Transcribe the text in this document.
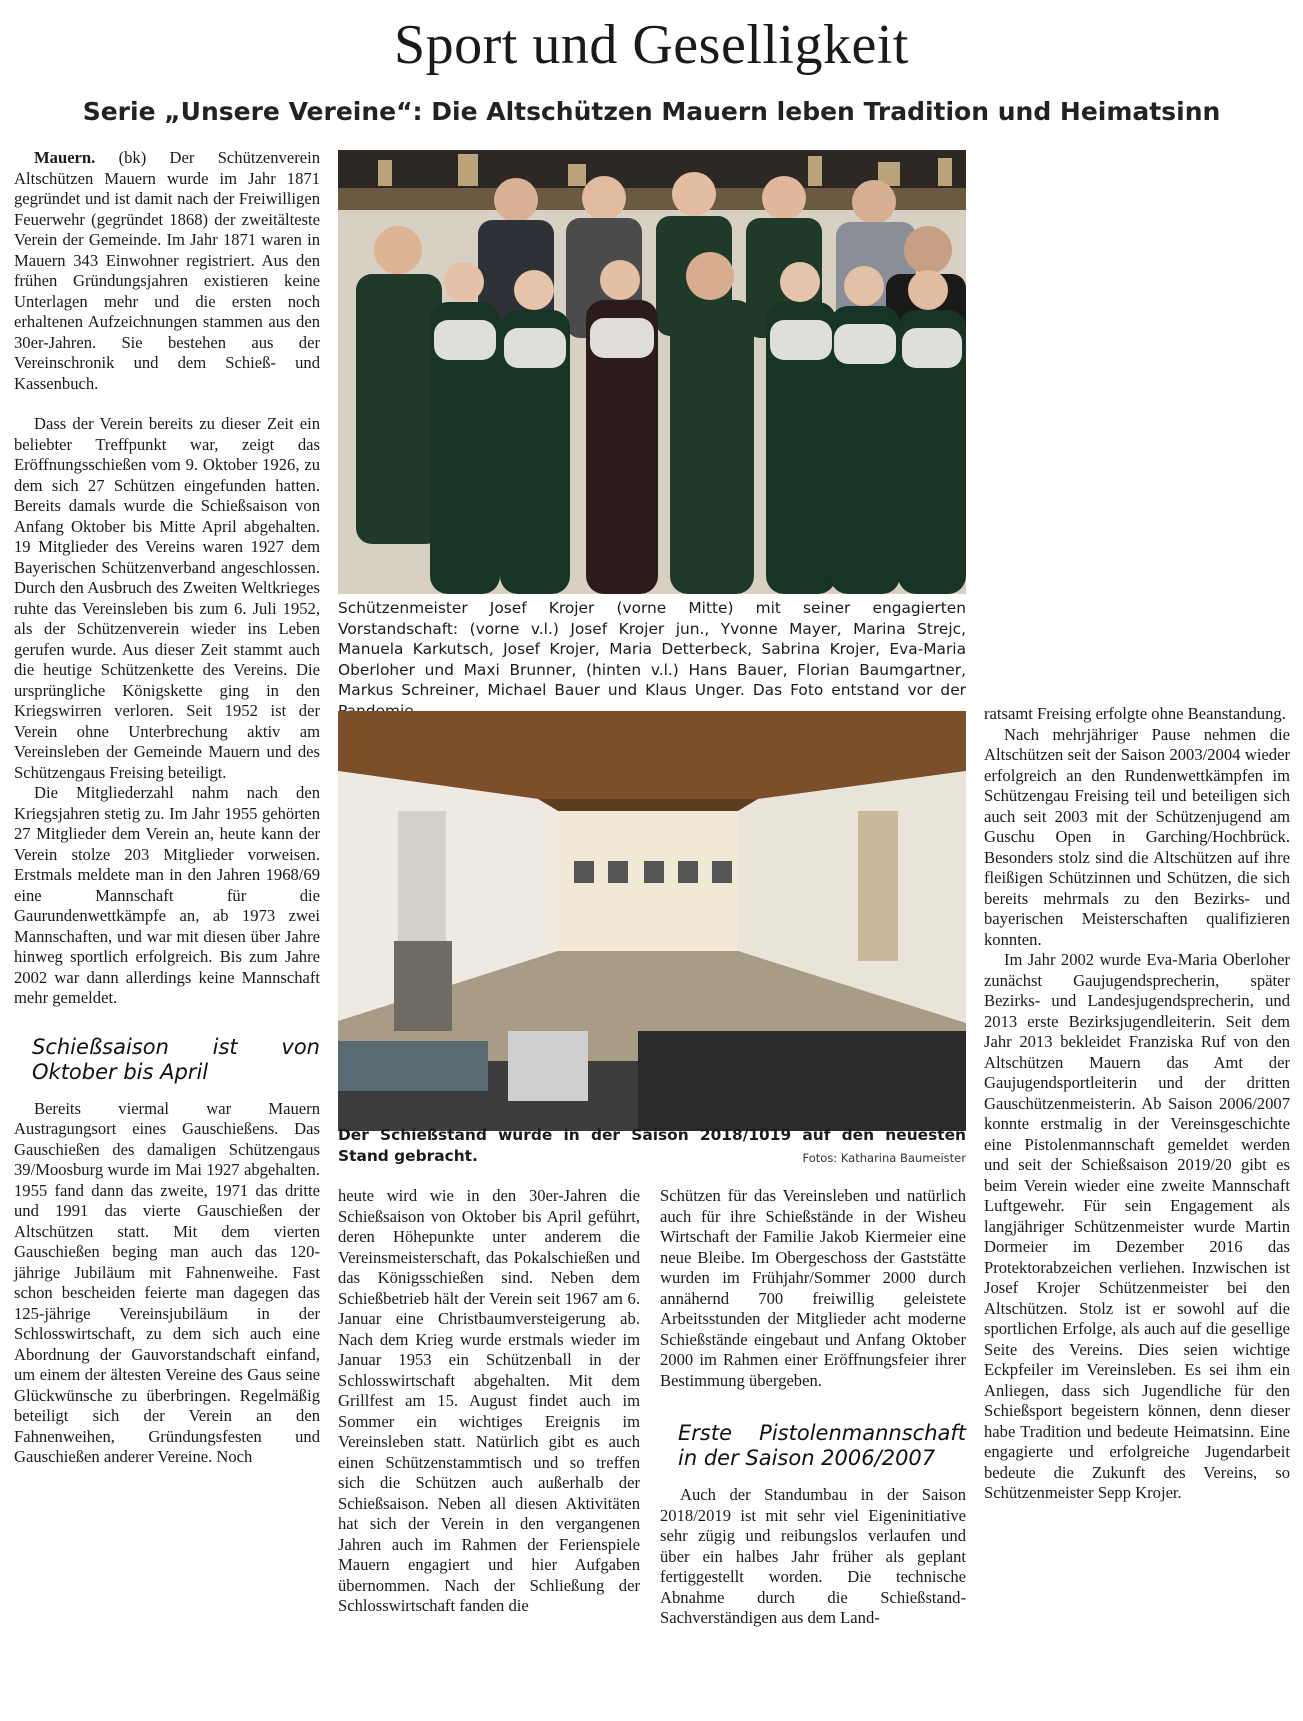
Sport und Geselligkeit
Serie „Unsere Vereine“: Die Altschützen Mauern leben Tradition und Heimatsinn

Mauern. (bk) Der Schützenverein Altschützen Mauern wurde im Jahr 1871 gegründet und ist damit nach der Freiwilligen Feuerwehr (gegründet 1868) der zweitälteste Verein der Gemeinde. Im Jahr 1871 waren in Mauern 343 Einwohner registriert. Aus den frühen Gründungsjahren existieren keine Unterlagen mehr und die ersten noch erhaltenen Aufzeichnungen stammen aus den 30er-Jahren. Sie bestehen aus der Vereinschronik und dem Schieß- und Kassenbuch.

Dass der Verein bereits zu dieser Zeit ein beliebter Treffpunkt war, zeigt das Eröffnungsschießen vom 9. Oktober 1926, zu dem sich 27 Schützen eingefunden hatten. Bereits damals wurde die Schießsaison von Anfang Oktober bis Mitte April abgehalten. 19 Mitglieder des Vereins waren 1927 dem Bayerischen Schützenverband angeschlossen. Durch den Ausbruch des Zweiten Weltkrieges ruhte das Vereinsleben bis zum 6. Juli 1952, als der Schützenverein wieder ins Leben gerufen wurde. Aus dieser Zeit stammt auch die heutige Schützenkette des Vereins. Die ursprüngliche Königskette ging in den Kriegswirren verloren. Seit 1952 ist der Verein ohne Unterbrechung aktiv am Vereinsleben der Gemeinde Mauern und des Schützengaus Freising beteiligt.

Die Mitgliederzahl nahm nach den Kriegsjahren stetig zu. Im Jahr 1955 gehörten 27 Mitglieder dem Verein an, heute kann der Verein stolze 203 Mitglieder vorweisen. Erstmals meldete man in den Jahren 1968/69 eine Mannschaft für die Gaurundenwettkämpfe an, ab 1973 zwei Mannschaften, und war mit diesen über Jahre hinweg sportlich erfolgreich. Bis zum Jahre 2002 war dann allerdings keine Mannschaft mehr gemeldet.

Schießsaison ist von Oktober bis April

Bereits viermal war Mauern Austragungsort eines Gauschießens. Das Gauschießen des damaligen Schützengaus 39/Moosburg wurde im Mai 1927 abgehalten. 1955 fand dann das zweite, 1971 das dritte und 1991 das vierte Gauschießen der Altschützen statt. Mit dem vierten Gauschießen beging man auch das 120-jährige Jubiläum mit Fahnenweihe. Fast schon bescheiden feierte man dagegen das 125-jährige Vereinsjubiläum in der Schlosswirtschaft, zu dem sich auch eine Abordnung der Gauvorstandschaft einfand, um einem der ältesten Vereine des Gaus seine Glückwünsche zu überbringen. Regelmäßig beteiligt sich der Verein an den Fahnenweihen, Gründungsfesten und Gauschießen anderer Vereine. Noch

Schützenmeister Josef Krojer (vorne Mitte) mit seiner engagierten Vorstandschaft: (vorne v.l.) Josef Krojer jun., Yvonne Mayer, Marina Strejc, Manuela Karkutsch, Josef Krojer, Maria Detterbeck, Sabrina Krojer, Eva-Maria Oberloher und Maxi Brunner, (hinten v.l.) Hans Bauer, Florian Baumgartner, Markus Schreiner, Michael Bauer und Klaus Unger. Das Foto entstand vor der
Der Schießstand wurde in der Saison 2018/1019 auf den neuesten Stand gebracht.	Fotos: Katharina Baumeister

heute wird wie in den 30er-Jahren die Schießsaison von Oktober bis April geführt, deren Höhepunkte unter anderem die Vereinsmeisterschaft, das Pokalschießen und das Königsschießen sind. Neben dem Schießbetrieb hält der Verein seit 1967 am 6. Januar eine Christbaumversteigerung ab. Nach dem Krieg wurde erstmals wieder im Januar 1953 ein Schützenball in der Schlosswirtschaft abgehalten. Mit dem Grillfest am 15. August findet auch im Sommer ein wichtiges Ereignis im Vereinsleben statt. Natürlich gibt es auch einen Schützenstammtisch und so treffen sich die Schützen auch außerhalb der Schießsaison. Neben all diesen Aktivitäten hat sich der Verein in den vergangenen Jahren auch im Rahmen der Ferienspiele Mauern engagiert und hier Aufgaben übernommen. Nach der Schließung der Schlosswirtschaft fanden die

Schützen für das Vereinsleben und natürlich auch für ihre Schießstände in der Wisheu Wirtschaft der Familie Jakob Kiermeier eine neue Bleibe. Im Obergeschoss der Gaststätte wurden im Frühjahr/Sommer 2000 durch annähernd 700 freiwillig geleistete Arbeitsstunden der Mitglieder acht moderne Schießstände eingebaut und Anfang Oktober 2000 im Rahmen einer Eröffnungsfeier ihrer Bestimmung übergeben.

Erste Pistolenmannschaft in der Saison 2006/2007

Auch der Standumbau in der Saison 2018/2019 ist mit sehr viel Eigeninitiative sehr zügig und reibungslos verlaufen und über ein halbes Jahr früher als geplant fertiggestellt worden. Die technische Abnahme durch die Schießstand-Sachverständigen aus dem Land-

ratsamt Freising erfolgte ohne Beanstandung.

Nach mehrjähriger Pause nehmen die Altschützen seit der Saison 2003/2004 wieder erfolgreich an den Rundenwettkämpfen im Schützengau Freising teil und beteiligen sich auch seit 2003 mit der Schützenjugend am Guschu Open in Garching/Hochbrück. Besonders stolz sind die Altschützen auf ihre fleißigen Schützinnen und Schützen, die sich bereits mehrmals zu den Bezirks- und bayerischen Meisterschaften qualifizieren konnten.

Im Jahr 2002 wurde Eva-Maria Oberloher zunächst Gaujugendsprecherin, später Bezirks- und Landesjugendsprecherin, und 2013 erste Bezirksjugendleiterin. Seit dem Jahr 2013 bekleidet Franziska Ruf von den Altschützen Mauern das Amt der Gaujugendsportleiterin und der dritten Gauschützenmeisterin. Ab Saison 2006/2007 konnte erstmalig in der Vereinsgeschichte eine Pistolenmannschaft gemeldet werden und seit der Schießsaison 2019/20 gibt es beim Verein wieder eine zweite Mannschaft Luftgewehr. Für sein Engagement als langjähriger Schützenmeister wurde Martin Dormeier im Dezember 2016 das Protektorabzeichen verliehen. Inzwischen ist Josef Krojer Schützenmeister bei den Altschützen. Stolz ist er sowohl auf die sportlichen Erfolge, als auch auf die gesellige Seite des Vereins. Dies seien wichtige Eckpfeiler im Vereinsleben. Es sei ihm ein Anliegen, dass sich Jugendliche für den Schießsport begeistern können, denn dieser habe Tradition und bedeute Heimatsinn. Eine engagierte und erfolgreiche Jugendarbeit bedeute die Zukunft des Vereins, so Schützenmeister Sepp Krojer.
